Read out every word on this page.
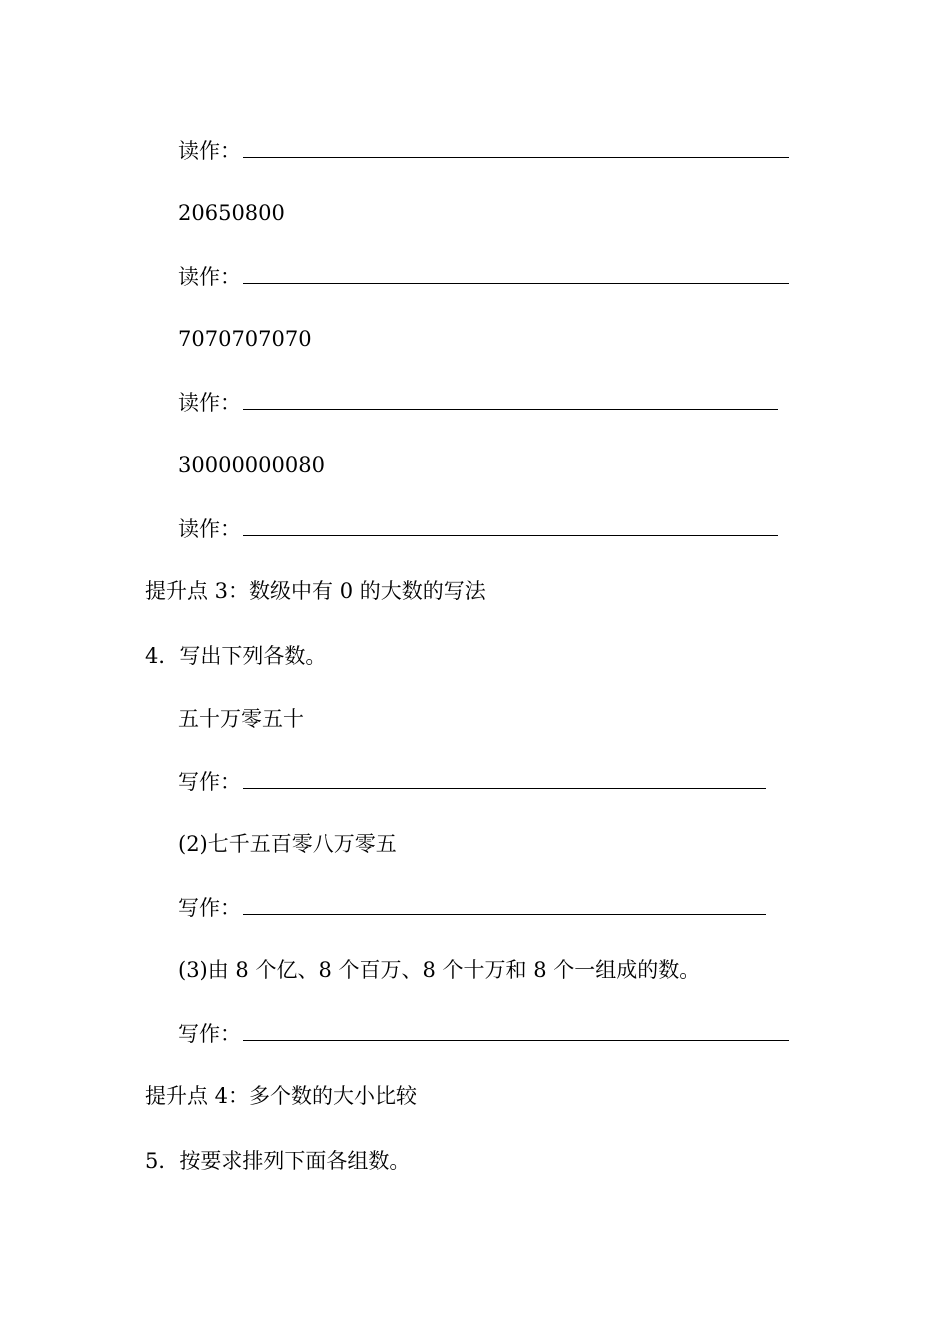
读作：
20650800
读作：
7070707070
读作：
30000000080
读作：
提升点 3：数级中有 0 的大数的写法
4．写出下列各数。
五十万零五十
写作：
(2)七千五百零八万零五
写作：
(3)由 8 个亿、8 个百万、8 个十万和 8 个一组成的数。
写作：
提升点 4：多个数的大小比较
5．按要求排列下面各组数。
